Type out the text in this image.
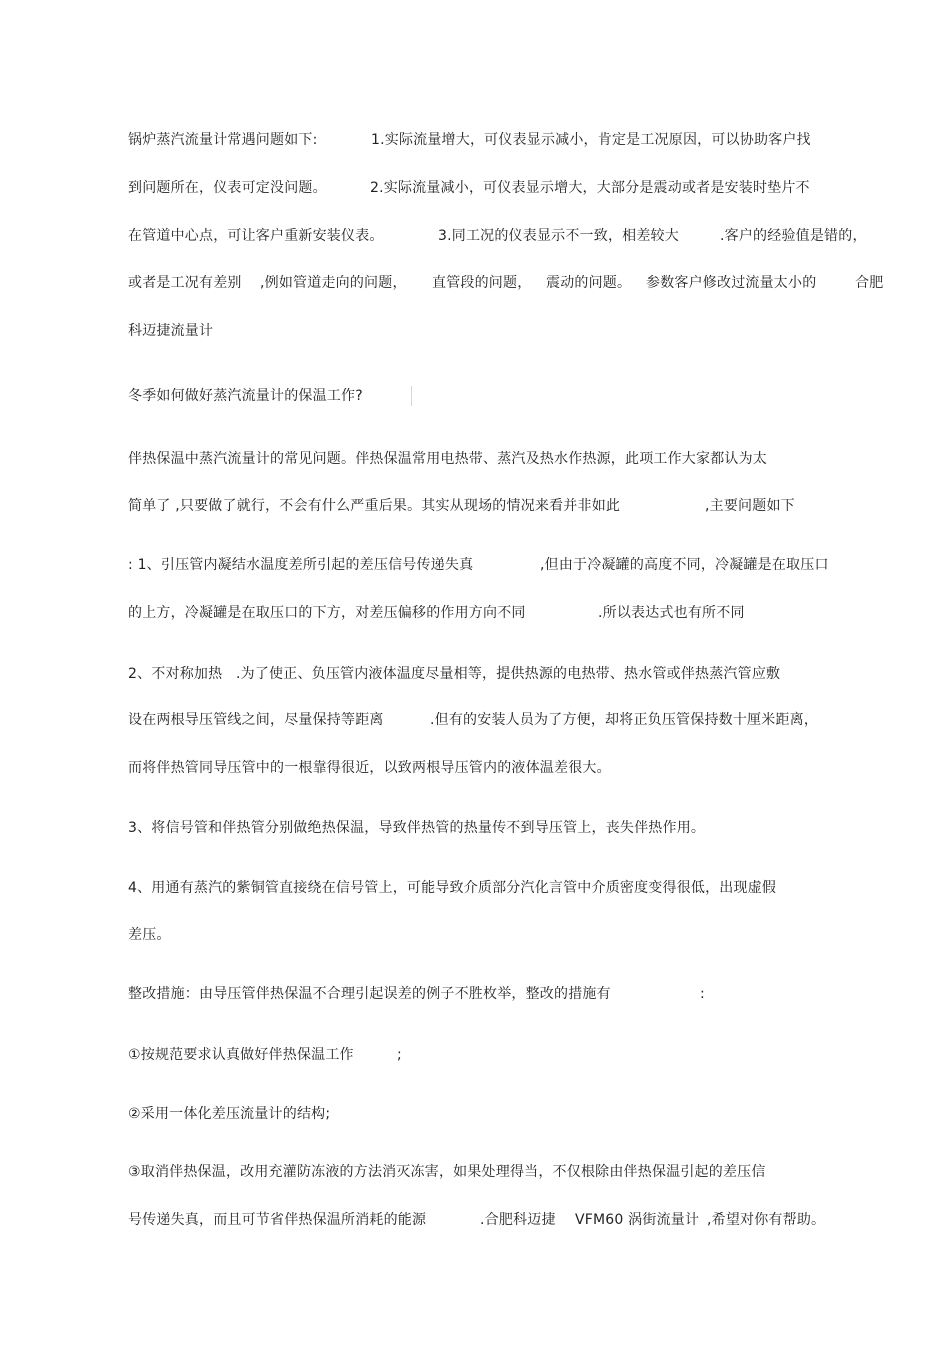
锅炉蒸汽流量计常遇问题如下:	1.实际流量增大，可仪表显示减小，肯定是工况原因，可以协助客户找
到问题所在，仪表可定没问题。	2.实际流量减小，可仪表显示增大，大部分是震动或者是安装时垫片不
在管道中心点，可让客户重新安装仪表。	3.同工况的仪表显示不一致，相差较大	.客户的经验值是错的，
或者是工况有差别 ,例如管道走向的问题， 直管段的问题， 震动的问题。 参数客户修改过流量太小的	合肥
科迈捷流量计
冬季如何做好蒸汽流量计的保温工作?
伴热保温中蒸汽流量计的常见问题。伴热保温常用电热带、蒸汽及热水作热源，此项工作大家都认为太
简单了 ,只要做了就行，不会有什么严重后果。其实从现场的情况来看并非如此	,主要问题如下
: 1、引压管内凝结水温度差所引起的差压信号传递失真	,但由于冷凝罐的高度不同，冷凝罐是在取压口
的上方，冷凝罐是在取压口的下方，对差压偏移的作用方向不同	.所以表达式也有所不同
2、不对称加热 .为了使正、负压管内液体温度尽量相等，提供热源的电热带、热水管或伴热蒸汽管应敷
设在两根导压管线之间，尽量保持等距离	.但有的安装人员为了方便，却将正负压管保持数十厘米距离，
而将伴热管同导压管中的一根靠得很近，以致两根导压管内的液体温差很大。
3、将信号管和伴热管分别做绝热保温，导致伴热管的热量传不到导压管上，丧失伴热作用。
4、用通有蒸汽的紫铜管直接绕在信号管上，可能导致介质部分汽化言管中介质密度变得很低，出现虚假
差压。
整改措施：由导压管伴热保温不合理引起误差的例子不胜枚举，整改的措施有	:
①按规范要求认真做好伴热保温工作	;
②采用一体化差压流量计的结构;
③取消伴热保温，改用充灌防冻液的方法消灭冻害，如果处理得当，不仅根除由伴热保温引起的差压信
号传递失真，而且可节省伴热保温所消耗的能源	.合肥科迈捷 VFM60 涡街流量计 ,希望对你有帮助。
